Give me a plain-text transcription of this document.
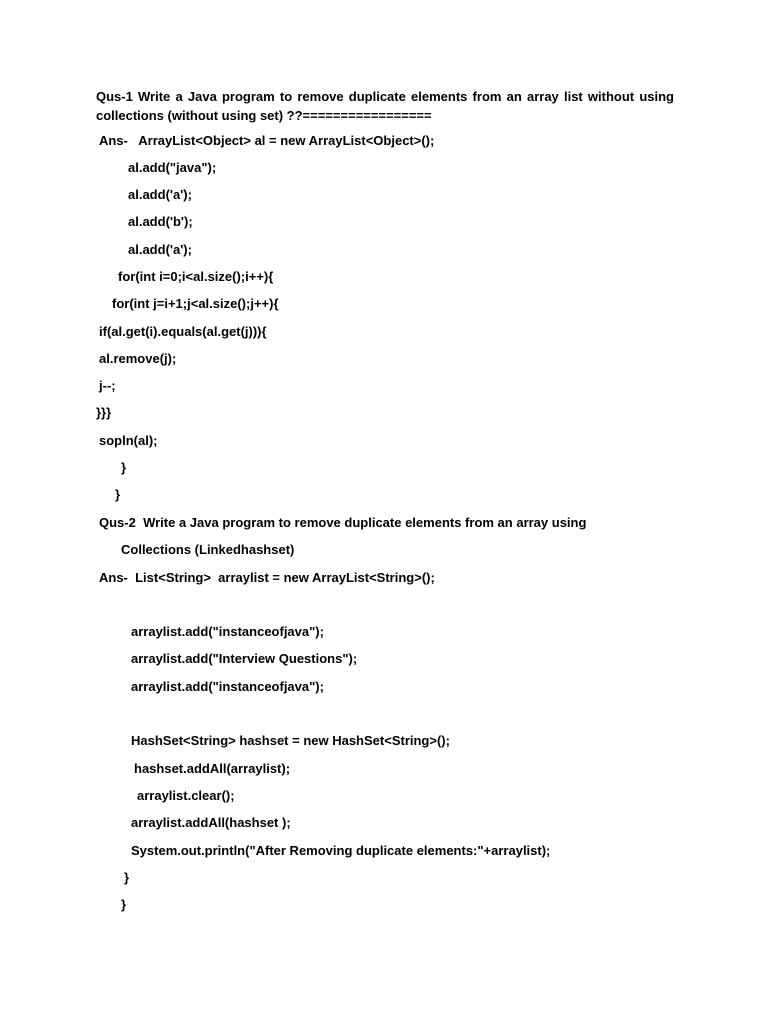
Qus-1 Write a Java program to remove duplicate elements from an array list without using collections (without using set) ??=================
Ans-   ArrayList<Object> al = new ArrayList<Object>();
al.add("java");
al.add('a');
al.add('b');
al.add('a');
for(int i=0;i<al.size();i++){
for(int j=i+1;j<al.size();j++){
if(al.get(i).equals(al.get(j))){
al.remove(j);
j--;
}}}
sopln(al);
}
}
Qus-2  Write a Java program to remove duplicate elements from an array using
Collections (Linkedhashset)
Ans-  List<String>  arraylist = new ArrayList<String>();
arraylist.add("instanceofjava");
arraylist.add("Interview Questions");
arraylist.add("instanceofjava");
HashSet<String> hashset = new HashSet<String>();
hashset.addAll(arraylist);
arraylist.clear();
arraylist.addAll(hashset );
System.out.println("After Removing duplicate elements:"+arraylist);
}
}
